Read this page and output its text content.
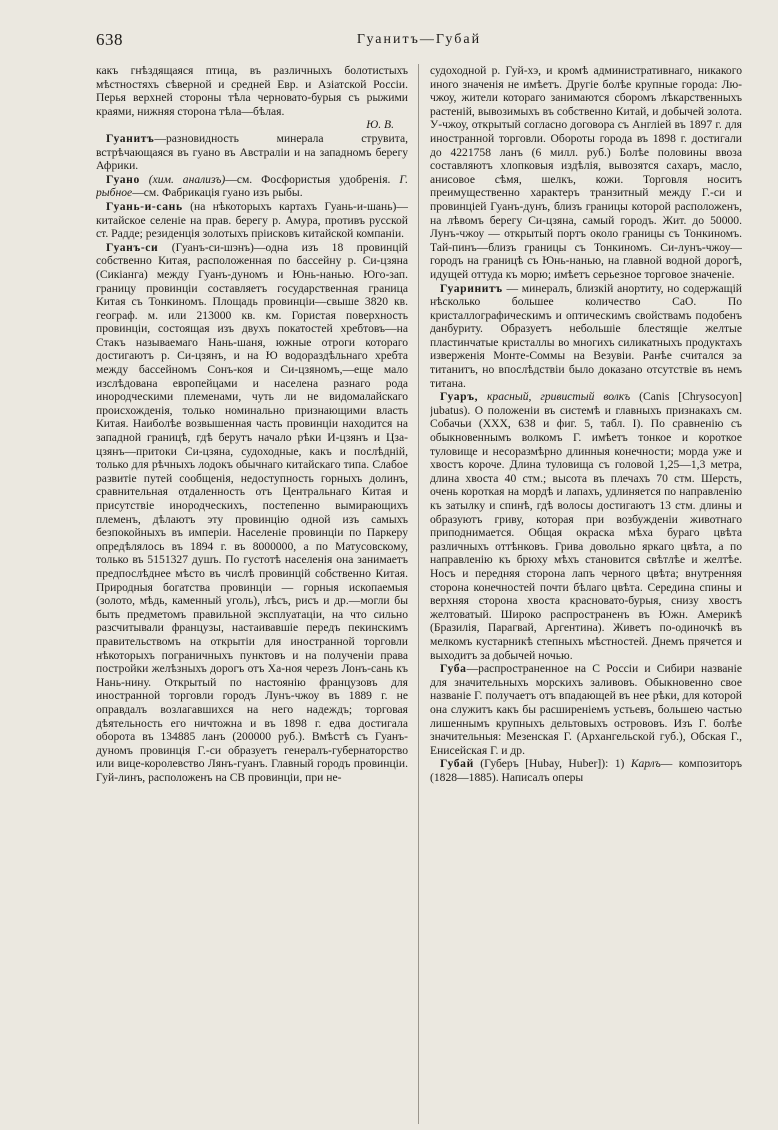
638	Гуанитъ—Губай

какъ гнѣздящаяся птица, въ различныхъ болотистыхъ мѣстностяхъ сѣверной и средней Евр. и Азіатской Россіи. Перья верхней стороны тѣла черновато-бурыя съ рыжими краями, нижняя сторона тѣла—бѣлая.

Ю. В.

Гуанитъ—разновидность минерала струвита, встрѣчающаяся въ гуано въ Австраліи и на западномъ берегу Африки.

Гуано (хим. анализъ)—см. Фосфористыя удобренія. Г. рыбное—см. Фабрикація гуано изъ рыбы.

Гуань-и-сань (на нѣкоторыхъ картахъ Гуань-и-шань)—китайское селеніе на прав. берегу р. Амура, противъ русской ст. Радде; резиденція золотыхъ пріисковъ китайской компаніи.

Гуанъ-си (Гуанъ-си-шэнъ)—одна изъ 18 провинцій собственно Китая, расположенная по бассейну р. Си-цзяна (Сикіанга) между Гуанъ-дуномъ и Юнь-нанью. Юго-зап. границу провинціи составляетъ государственная граница Китая съ Тонкиномъ. Площадь провинціи—свыше 3820 кв. географ. м. или 213000 кв. км. Гористая поверхность провинціи, состоящая изъ двухъ покатостей хребтовъ—на Стакъ называемаго Нань-шаня, южные отроги котораго достигаютъ р. Си-цзянъ, и на Ю водораздѣльнаго хребта между бассейномъ Сонъ-коя и Си-цзяномъ,—еще мало изслѣдована европейцами и населена разнаго рода инородческими племенами, чуть ли не видомалайскаго происхожденія, только номинально признающими власть Китая. Наиболѣе возвышенная часть провинціи находится на западной границѣ, гдѣ берутъ начало рѣки И-цзянъ и Цза-цзянъ—притоки Си-цзяна, судоходные, какъ и послѣдній, только для рѣчныхъ лодокъ обычнаго китайскаго типа. Слабое развитіе путей сообщенія, недоступность горныхъ долинъ, сравнительная отдаленность отъ Центральнаго Китая и присутствіе инородческихъ, постепенно вымирающихъ племенъ, дѣлаютъ эту провинцію одной изъ самыхъ безпокойныхъ въ имперіи. Населеніе провинціи по Паркеру опредѣлялось въ 1894 г. въ 8000000, а по Матусовскому, только въ 5151327 душъ. По густотѣ населенія она занимаетъ предпослѣднее мѣсто въ числѣ провинцій собственно Китая. Природныя богатства провинціи — горныя ископаемыя (золото, мѣдь, каменный уголь), лѣсъ, рисъ и др.—могли бы быть предметомъ правильной эксплуатаціи, на что сильно разсчитывали французы, настаивавшіе передъ пекинскимъ правительствомъ на открытіи для иностранной торговли нѣкоторыхъ пограничныхъ пунктовъ и на полученіи права постройки желѣзныхъ дорогъ отъ Ха-ноя черезъ Лонъ-сань къ Нань-нину. Открытый по настоянію французовъ для иностранной торговли городъ Лунъ-чжоу въ 1889 г. не оправдалъ возлагавшихся на него надеждъ; торговая дѣятельность его ничтожна и въ 1898 г. едва достигала оборота въ 134885 ланъ (200000 руб.). Вмѣстѣ съ Гуанъ-дуномъ провинція Г.-си образуетъ генералъ-губернаторство или вице-королевство Лянъ-гуанъ. Главный городъ провинціи. Гуй-линъ, расположенъ на СВ провинціи, при не-

судоходной р. Гуй-хэ, и кромѣ административнаго, никакого иного значенія не имѣетъ. Другіе болѣе крупные города: Лю-чжоу, жители котораго занимаются сборомъ лѣкарственныхъ растеній, вывозимыхъ въ собственно Китай, и добычей золота. У-чжоу, открытый согласно договора съ Англіей въ 1897 г. для иностранной торговли. Обороты города въ 1898 г. достигали до 4221758 ланъ (6 милл. руб.) Болѣе половины ввоза составляютъ хлопковыя издѣлія, вывозятся сахаръ, масло, анисовое сѣмя, шелкъ, кожи. Торговля носитъ преимущественно характеръ транзитный между Г.-си и провинціей Гуанъ-дунъ, близъ границы которой расположенъ, на лѣвомъ берегу Си-цзяна, самый городъ. Жит. до 50000. Лунъ-чжоу — открытый портъ около границы съ Тонкиномъ. Тай-пинъ—близъ границы съ Тонкиномъ. Си-лунъ-чжоу—городъ на границѣ съ Юнь-нанью, на главной водной дорогѣ, идущей оттуда къ морю; имѣетъ серьезное торговое значеніе.

Гуаринитъ — минералъ, близкій анортиту, но содержащій нѣсколько большее количество CaO. По кристаллографическимъ и оптическимъ свойствамъ подобенъ данбуриту. Образуетъ небольшіе блестящіе желтые пластинчатые кристаллы во многихъ силикатныхъ продуктахъ изверженія Монте-Соммы на Везувіи. Ранѣе считался за титанитъ, но впослѣдствіи было доказано отсутствіе въ немъ титана.

Гуаръ, красный, гривистый волкъ (Canis [Chrysocyon] jubatus). О положеніи въ системѣ и главныхъ признакахъ см. Собачьи (XXX, 638 и фиг. 5, табл. I). По сравненію съ обыкновеннымъ волкомъ Г. имѣетъ тонкое и короткое туловище и несоразмѣрно длинныя конечности; морда уже и хвостъ короче. Длина туловища съ головой 1,25—1,3 метра, длина хвоста 40 стм.; высота въ плечахъ 70 стм. Шерсть, очень короткая на мордѣ и лапахъ, удлиняется по направленію къ затылку и спинѣ, гдѣ волосы достигаютъ 13 стм. длины и образуютъ гриву, которая при возбужденіи животнаго приподнимается. Общая окраска мѣха бураго цвѣта различныхъ оттѣнковъ. Грива довольно яркаго цвѣта, а по направленію къ брюху мѣхъ становится свѣтлѣе и желтѣе. Носъ и передняя сторона лапъ черного цвѣта; внутренняя сторона конечностей почти бѣлаго цвѣта. Середина спины и верхняя сторона хвоста красновато-бурыя, снизу хвостъ желтоватый. Широко распространенъ въ Южн. Америкѣ (Бразилія, Парагвай, Аргентина). Живетъ по-одиночкѣ въ мелкомъ кустарникѣ степныхъ мѣстностей. Днемъ прячется и выходитъ за добычей ночью.

Губа—распространенное на С Россіи и Сибири названіе для значительныхъ морскихъ заливовъ. Обыкновенно свое названіе Г. получаетъ отъ впадающей въ нее рѣки, для которой она служитъ какъ бы расширеніемъ устьевъ, большею частью лишеннымъ крупныхъ дельтовыхъ острововъ. Изъ Г. болѣе значительныя: Мезенская Г. (Архангельской губ.), Обская Г., Енисейская Г. и др.

Губай (Губеръ [Hubay, Huber]): 1) Карлъ— композиторъ (1828—1885). Написалъ оперы
